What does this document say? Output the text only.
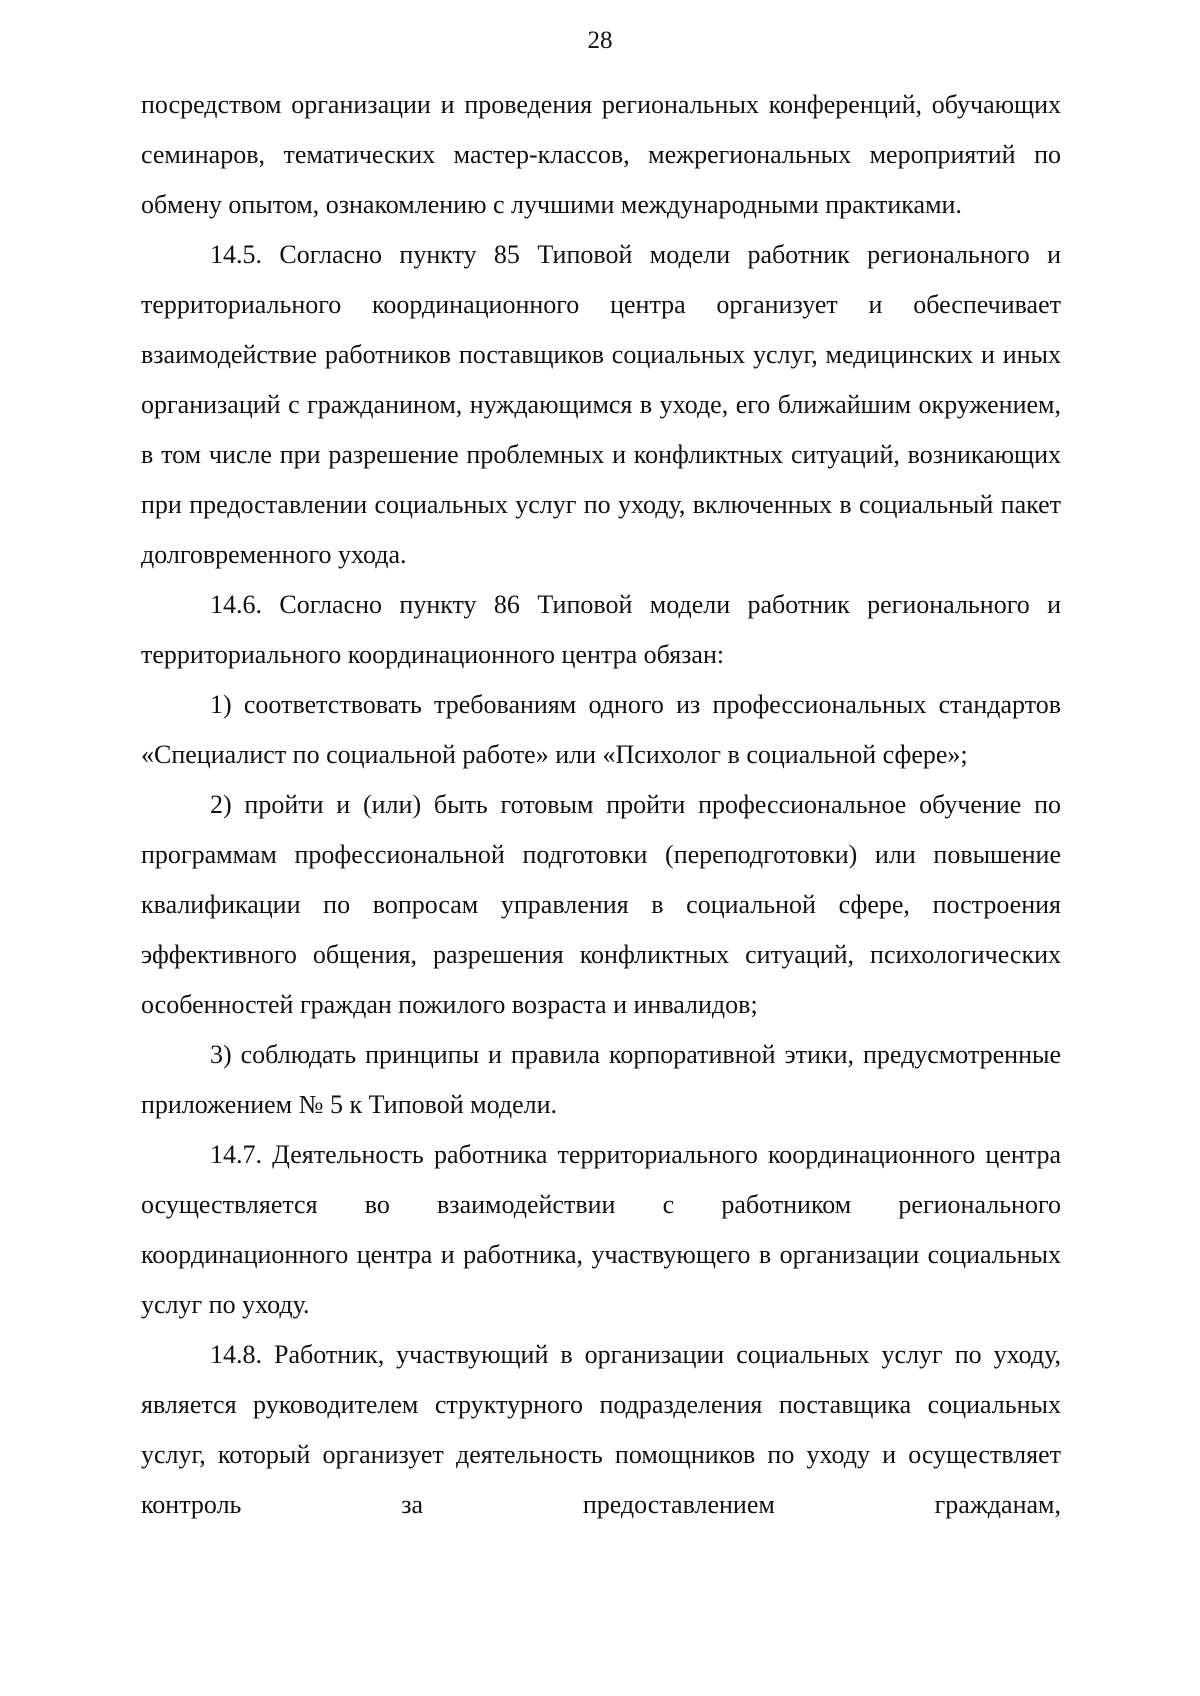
28

посредством организации и проведения региональных конференций, обучающих семинаров, тематических мастер-классов, межрегиональных мероприятий по обмену опытом, ознакомлению с лучшими международными практиками.

14.5. Согласно пункту 85 Типовой модели работник регионального и территориального координационного центра организует и обеспечивает взаимодействие работников поставщиков социальных услуг, медицинских и иных организаций с гражданином, нуждающимся в уходе, его ближайшим окружением, в том числе при разрешение проблемных и конфликтных ситуаций, возникающих при предоставлении социальных услуг по уходу, включенных в социальный пакет долговременного ухода.

14.6. Согласно пункту 86 Типовой модели работник регионального и территориального координационного центра обязан:

1) соответствовать требованиям одного из профессиональных стандартов «Специалист по социальной работе» или «Психолог в социальной сфере»;

2) пройти и (или) быть готовым пройти профессиональное обучение по программам профессиональной подготовки (переподготовки) или повышение квалификации по вопросам управления в социальной сфере, построения эффективного общения, разрешения конфликтных ситуаций, психологических особенностей граждан пожилого возраста и инвалидов;

3) соблюдать принципы и правила корпоративной этики, предусмотренные приложением № 5 к Типовой модели.

14.7. Деятельность работника территориального координационного центра осуществляется во взаимодействии с работником регионального координационного центра и работника, участвующего в организации социальных услуг по уходу.

14.8. Работник, участвующий в организации социальных услуг по уходу, является руководителем структурного подразделения поставщика социальных услуг, который организует деятельность помощников по уходу и осуществляет контроль за предоставлением гражданам,
